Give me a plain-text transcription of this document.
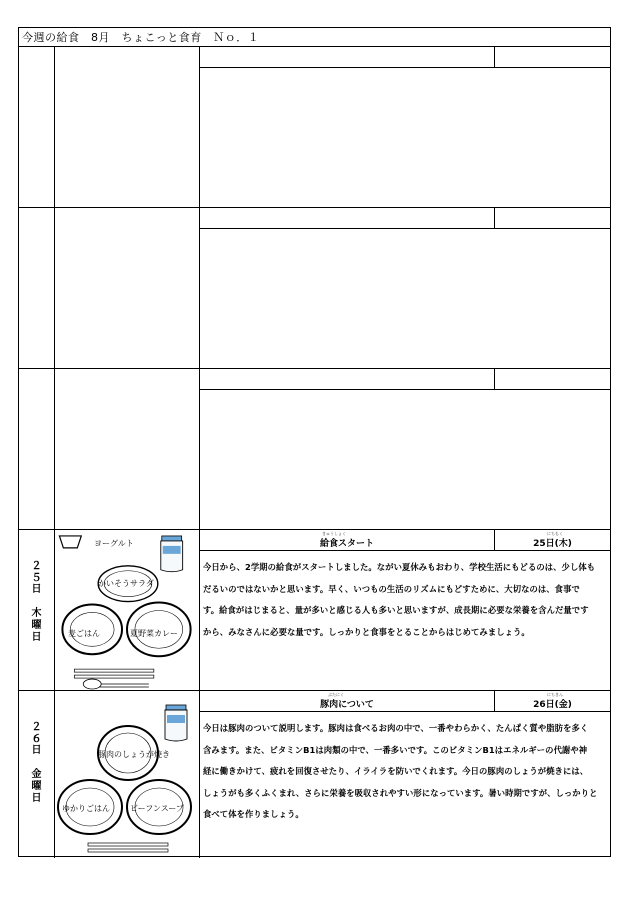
今週の給食　8月　ちょこっと食育　Ｎｏ．１
２
５
日
木
曜
日
ヨーグルト
かいそうサラダ
麦ごはん	夏野菜カレー
きゅうしょく
給食スタート
にちもく
25日(木)
今日から、2学期の給食がスタートしました。ながい夏休みもおわり、学校生活にもどるのは、少し体も
だるいのではないかと思います。早く、いつもの生活のリズムにもどすために、大切なのは、食事で
す。給食がはじまると、量が多いと感じる人も多いと思いますが、成長期に必要な栄養を含んだ量です
から、みなさんに必要な量です。しっかりと食事をとることからはじめてみましょう。
２
６
日
金
曜
日
豚肉のしょうが焼き
ゆかりごはん	ビーフンスープ
ぶたにく
豚肉について
にちきん
26日(金)
今日は豚肉のついて説明します。豚肉は食べるお肉の中で、一番やわらかく、たんぱく質や脂肪を多く
含みます。また、ビタミンB1は肉類の中で、一番多いです。このビタミンB1はエネルギーの代謝や神
経に働きかけて、疲れを回復させたり、イライラを防いでくれます。今日の豚肉のしょうが焼きには、
しょうがも多くふくまれ、さらに栄養を吸収されやすい形になっています。暑い時期ですが、しっかりと
食べて体を作りましょう。
